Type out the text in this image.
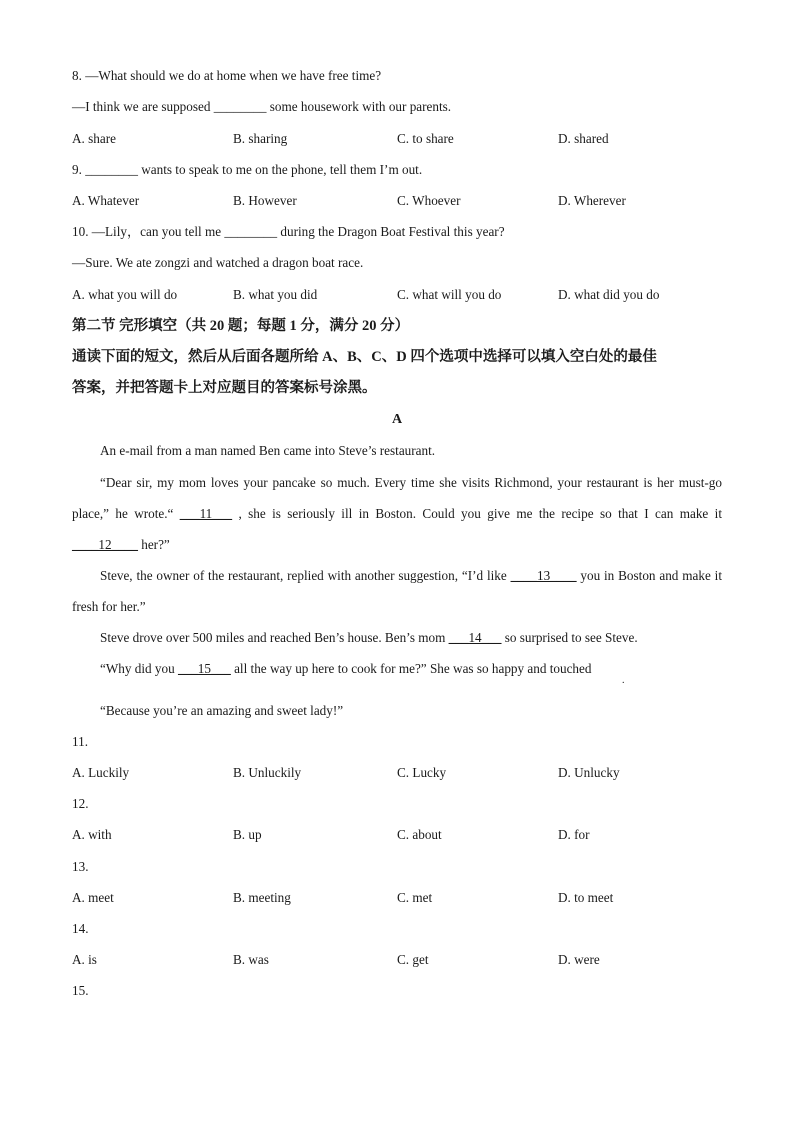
8. —What should we do at home when we have free time?
—I think we are supposed ________ some housework with our parents.
A. share	B. sharing	C. to share	D. shared
9. ________ wants to speak to me on the phone, tell them I’m out.
A. Whatever	B. However	C. Whoever	D. Wherever
10. —Lily，can you tell me ________ during the Dragon Boat Festival this year?
—Sure. We ate zongzi and watched a dragon boat race.
A. what you will do	B. what you did	C. what will you do	D. what did you do
第二节 完形填空（共 20 题；每题 1 分，满分 20 分）
通读下面的短文，然后从后面各题所给 A、B、C、D 四个选项中选择可以填入空白处的最佳
答案，并把答题卡上对应题目的答案标号涂黑。
A
An e-mail from a man named Ben came into Steve’s restaurant.
“Dear sir, my mom loves your pancake so much. Every time she visits Richmond, your restaurant is her must-go place,” he wrote.“ ___11___ , she is seriously ill in Boston. Could you give me the recipe so that I can make it ____12____ her?”
Steve, the owner of the restaurant, replied with another suggestion, “I’d like ____13____ you in Boston and make it fresh for her.”
Steve drove over 500 miles and reached Ben’s house. Ben’s mom ___14___ so surprised to see Steve.
“Why did you ___15___ all the way up here to cook for me?” She was so happy and touched
.
“Because you’re an amazing and sweet lady!”
11.
A. Luckily	B. Unluckily	C. Lucky	D. Unlucky
12.
A. with	B. up	C. about	D. for
13.
A. meet	B. meeting	C. met	D. to meet
14.
A. is	B. was	C. get	D. were
15.
